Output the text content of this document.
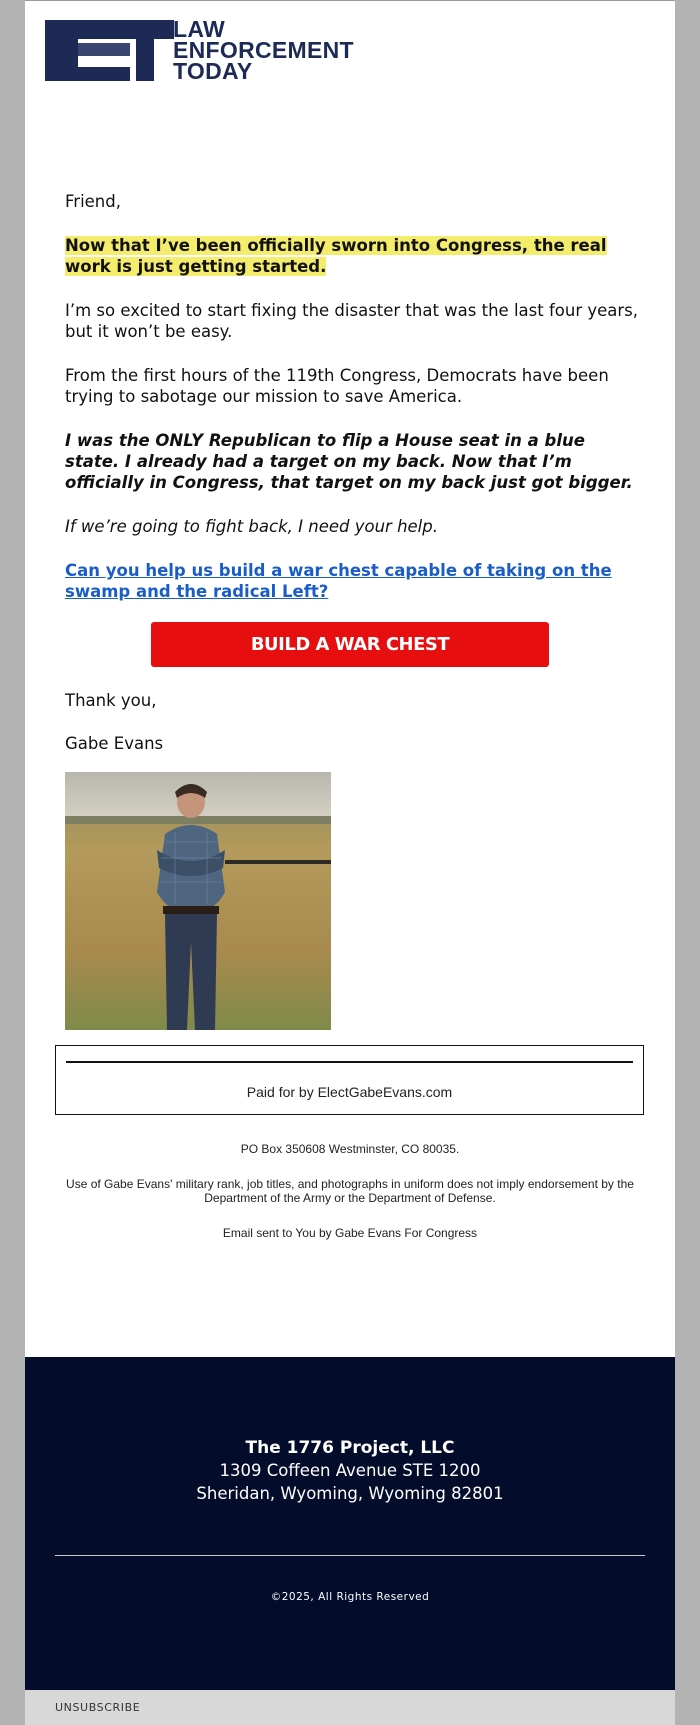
LAW
ENFORCEMENT
TODAY
Friend,
Now that I’ve been officially sworn into Congress, the real work is just getting started.
I’m so excited to start fixing the disaster that was the last four years, but it won’t be easy.
From the first hours of the 119th Congress, Democrats have been trying to sabotage our mission to save America.
I was the ONLY Republican to flip a House seat in a blue state. I already had a target on my back. Now that I’m officially in Congress, that target on my back just got bigger.
If we’re going to fight back, I need your help.
Can you help us build a war chest capable of taking on the swamp and the radical Left?
BUILD A WAR CHEST
Thank you,
Gabe Evans
Paid for by ElectGabeEvans.com
PO Box 350608 Westminster, CO 80035.
Use of Gabe Evans' military rank, job titles, and photographs in uniform does not imply endorsement by the Department of the Army or the Department of Defense.
Email sent to You by Gabe Evans For Congress
The 1776 Project, LLC
1309 Coffeen Avenue STE 1200
Sheridan, Wyoming, Wyoming 82801
©2025, All Rights Reserved
UNSUBSCRIBE
